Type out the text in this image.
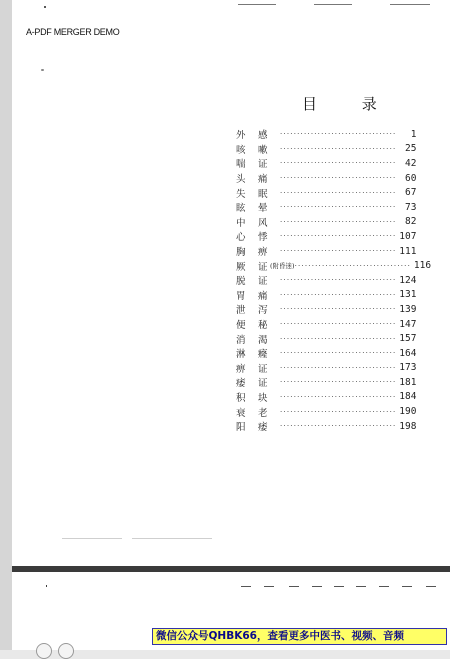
A-PDF MERGER DEMO
目 录
外	感	··································	1
咳	嗽	·································· 25
喘	证	·································· 42
头	痛	·································· 60
失	眠	·································· 67
眩	晕	·································· 73
中	风	·································· 82
心	悸	·································· 107
胸	痹	·································· 111
厥	证 (附昏迷) ·································· 116
脱	证	·································· 124
胃	痛	·································· 131
泄	泻	·································· 139
便	秘	·································· 147
消	渴	·································· 157
淋	癃	·································· 164
痹	证	·································· 173
痿	证	·································· 181
积	块	·································· 184
衰	老	·································· 190
阳	痿	·································· 198
微信公众号QHBK66，查看更多中医书、视频、音频
